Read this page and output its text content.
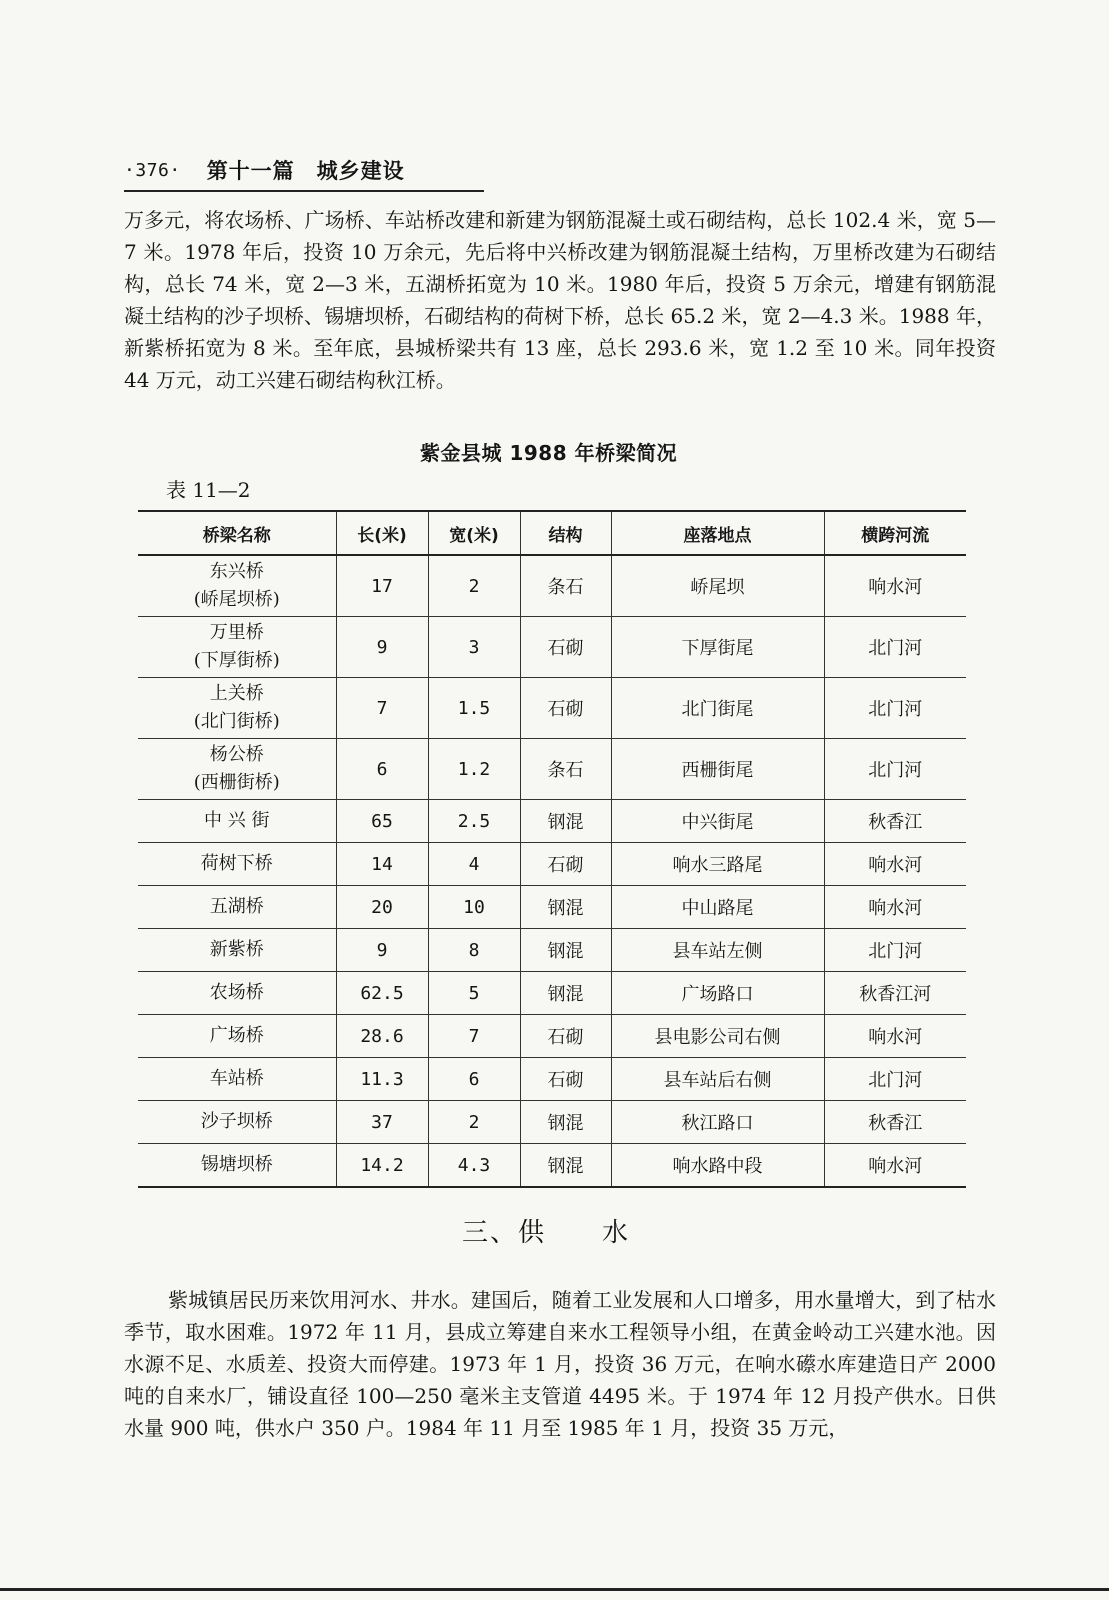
·376· 第十一篇　城乡建设

万多元，将农场桥、广场桥、车站桥改建和新建为钢筋混凝土或石砌结构，总长 102.4 米，宽 5—7 米。1978 年后，投资 10 万余元，先后将中兴桥改建为钢筋混凝土结构，万里桥改建为石砌结构，总长 74 米，宽 2—3 米，五湖桥拓宽为 10 米。1980 年后，投资 5 万余元，增建有钢筋混凝土结构的沙子坝桥、锡塘坝桥，石砌结构的荷树下桥，总长 65.2 米，宽 2—4.3 米。1988 年，新紫桥拓宽为 8 米。至年底，县城桥梁共有 13 座，总长 293.6 米，宽 1.2 至 10 米。同年投资 44 万元，动工兴建石砌结构秋江桥。

紫金县城 1988 年桥梁简况
表 11—2
桥梁名称	长(米)	宽(米)	结构	座落地点	横跨河流

东兴桥
(峤尾坝桥)	17	2	条石	峤尾坝	响水河

万里桥
(下厚街桥)	9	3	石砌	下厚街尾	北门河

上关桥
(北门街桥)	7	1.5	石砌	北门街尾	北门河

杨公桥
(西栅街桥)	6	1.2	条石	西栅街尾	北门河

中 兴 街	65	2.5	钢混	中兴街尾	秋香江

荷树下桥	14	4	石砌	响水三路尾	响水河

五湖桥	20	10	钢混	中山路尾	响水河

新紫桥	9	8	钢混	县车站左侧	北门河

农场桥	62.5	5	钢混	广场路口	秋香江河

广场桥	28.6	7	石砌	县电影公司右侧	响水河

车站桥	11.3	6	石砌	县车站后右侧	北门河

沙子坝桥	37	2	钢混	秋江路口	秋香江

锡塘坝桥	14.2	4.3	钢混	响水路中段	响水河
三、供 水

紫城镇居民历来饮用河水、井水。建国后，随着工业发展和人口增多，用水量增大，到了枯水季节，取水困难。1972 年 11 月，县成立筹建自来水工程领导小组，在黄金岭动工兴建水池。因水源不足、水质差、投资大而停建。1973 年 1 月，投资 36 万元，在响水礤水库建造日产 2000 吨的自来水厂，铺设直径 100—250 毫米主支管道 4495 米。于 1974 年 12 月投产供水。日供水量 900 吨，供水户 350 户。1984 年 11 月至 1985 年 1 月，投资 35 万元，
